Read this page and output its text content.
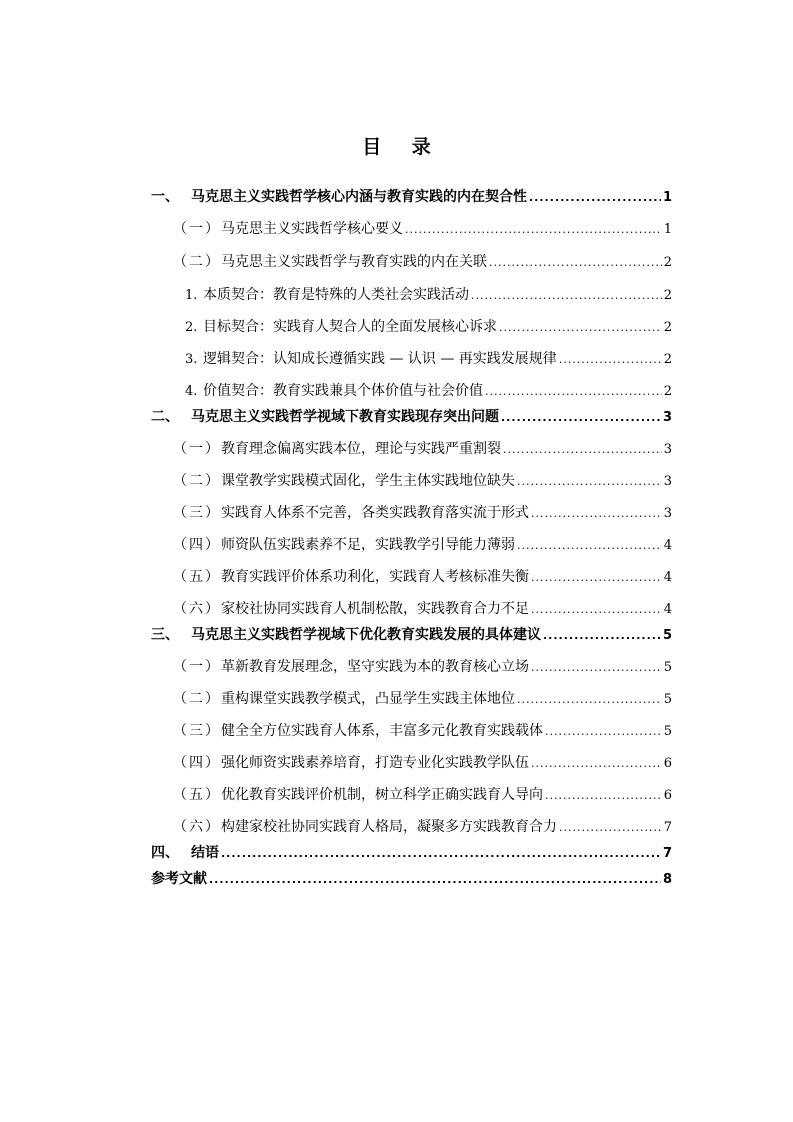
目 录
一、 马克思主义实践哲学核心内涵与教育实践的内在契合性 .....	1
（一） 马克思主义实践哲学核心要义 .....	1
（二） 马克思主义实践哲学与教育实践的内在关联 .....	2
1. 本质契合：教育是特殊的人类社会实践活动 .....	2
2. 目标契合：实践育人契合人的全面发展核心诉求 .....	2
3. 逻辑契合：认知成长遵循实践 — 认识 — 再实践发展规律 .....	2
4. 价值契合：教育实践兼具个体价值与社会价值 .....	2
二、 马克思主义实践哲学视域下教育实践现存突出问题 .....	3
（一） 教育理念偏离实践本位，理论与实践严重割裂 .....	3
（二） 课堂教学实践模式固化，学生主体实践地位缺失 .....	3
（三） 实践育人体系不完善，各类实践教育落实流于形式 .....	3
（四） 师资队伍实践素养不足，实践教学引导能力薄弱 .....	4
（五） 教育实践评价体系功利化，实践育人考核标准失衡 .....	4
（六） 家校社协同实践育人机制松散，实践教育合力不足 .....	4
三、 马克思主义实践哲学视域下优化教育实践发展的具体建议 .....	5
（一） 革新教育发展理念，坚守实践为本的教育核心立场 .....	5
（二） 重构课堂实践教学模式，凸显学生实践主体地位 .....	5
（三） 健全全方位实践育人体系，丰富多元化教育实践载体 .....	5
（四） 强化师资实践素养培育，打造专业化实践教学队伍 .....	6
（五） 优化教育实践评价机制，树立科学正确实践育人导向 .....	6
（六） 构建家校社协同实践育人格局，凝聚多方实践教育合力 .....	7
四、 结语 .....	7
参考文献 .....	8
